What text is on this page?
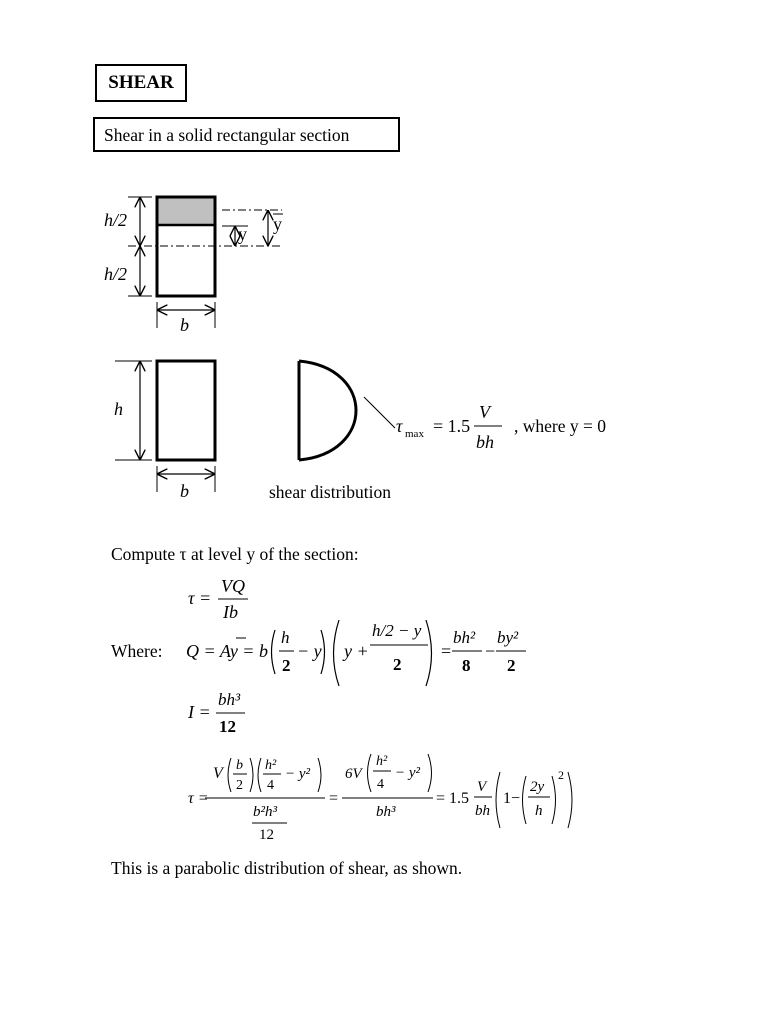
SHEAR
Shear in a solid rectangular section
h/2
h/2
y y
b
h
b	shear distribution
τ max = 1.5
V
bh
, where y = 0
Compute τ at level y of the section:
τ =
VQ
Ib
Where: Q = Ay = b
h
2
− y y +
h/2 − y
2
=
bh²
8
−
by²
2
I =
bh³
12
τ =
V b
2
h²
4
− y²
b²h³
12
=
6V
h²
4
− y²
bh³
= 1.5
V
bh
1−
2y
h
2
This is a parabolic distribution of shear, as shown.
